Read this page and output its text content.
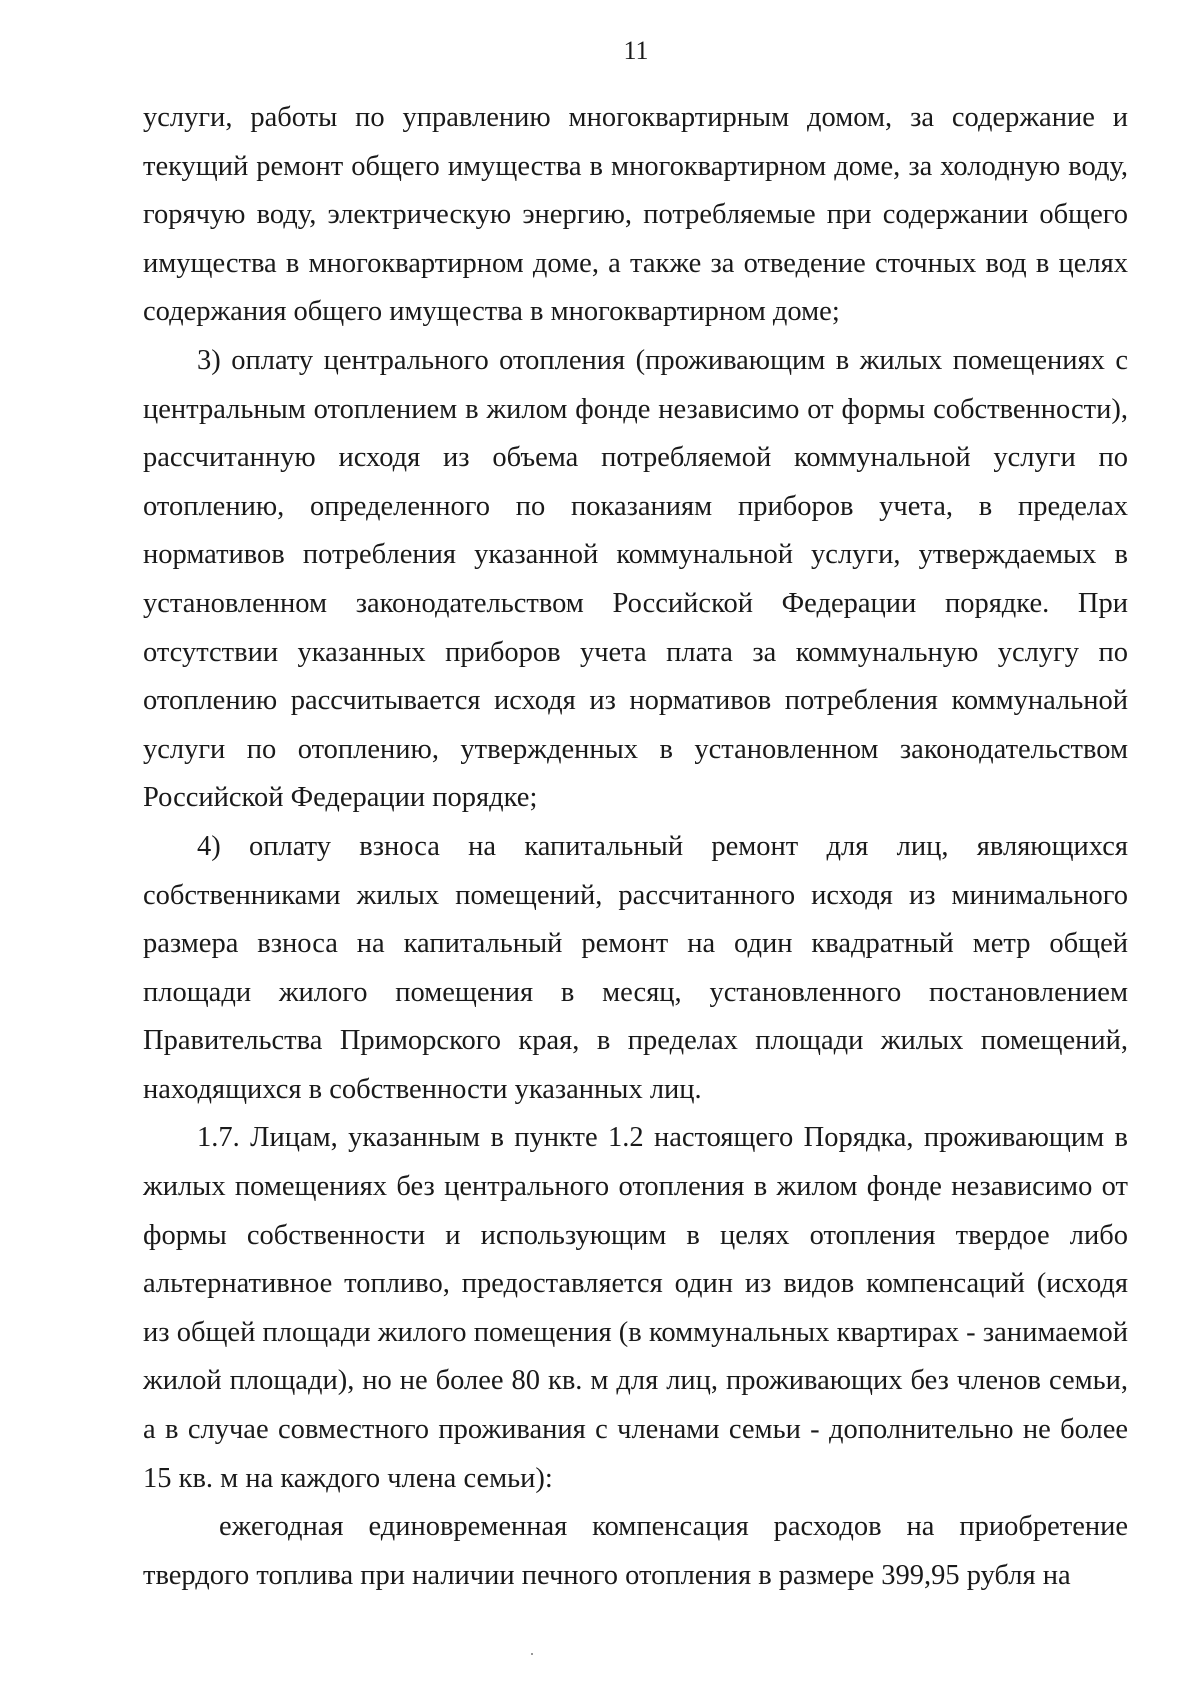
11

услуги, работы по управлению многоквартирным домом, за содержание и текущий ремонт общего имущества в многоквартирном доме, за холодную воду, горячую воду, электрическую энергию, потребляемые при содержании общего имущества в многоквартирном доме, а также за отведение сточных вод в целях содержания общего имущества в многоквартирном доме;

3) оплату центрального отопления (проживающим в жилых помещениях с центральным отоплением в жилом фонде независимо от формы собственности), рассчитанную исходя из объема потребляемой коммунальной услуги по отоплению, определенного по показаниям приборов учета, в пределах нормативов потребления указанной коммунальной услуги, утверждаемых в установленном законодательством Российской Федерации порядке. При отсутствии указанных приборов учета плата за коммунальную услугу по отоплению рассчитывается исходя из нормативов потребления коммунальной услуги по отоплению, утвержденных в установленном законодательством Российской Федерации порядке;

4) оплату взноса на капитальный ремонт для лиц, являющихся собственниками жилых помещений, рассчитанного исходя из минимального размера взноса на капитальный ремонт на один квадратный метр общей площади жилого помещения в месяц, установленного постановлением Правительства Приморского края, в пределах площади жилых помещений, находящихся в собственности указанных лиц.

1.7. Лицам, указанным в пункте 1.2 настоящего Порядка, проживающим в жилых помещениях без центрального отопления в жилом фонде независимо от формы собственности и использующим в целях отопления твердое либо альтернативное топливо, предоставляется один из видов компенсаций (исходя из общей площади жилого помещения (в коммунальных квартирах - занимаемой жилой площади), но не более 80 кв. м для лиц, проживающих без членов семьи, а в случае совместного проживания с членами семьи - дополнительно не более 15 кв. м на каждого члена семьи):

ежегодная единовременная компенсация расходов на приобретение твердого топлива при наличии печного отопления в размере 399,95 рубля на
